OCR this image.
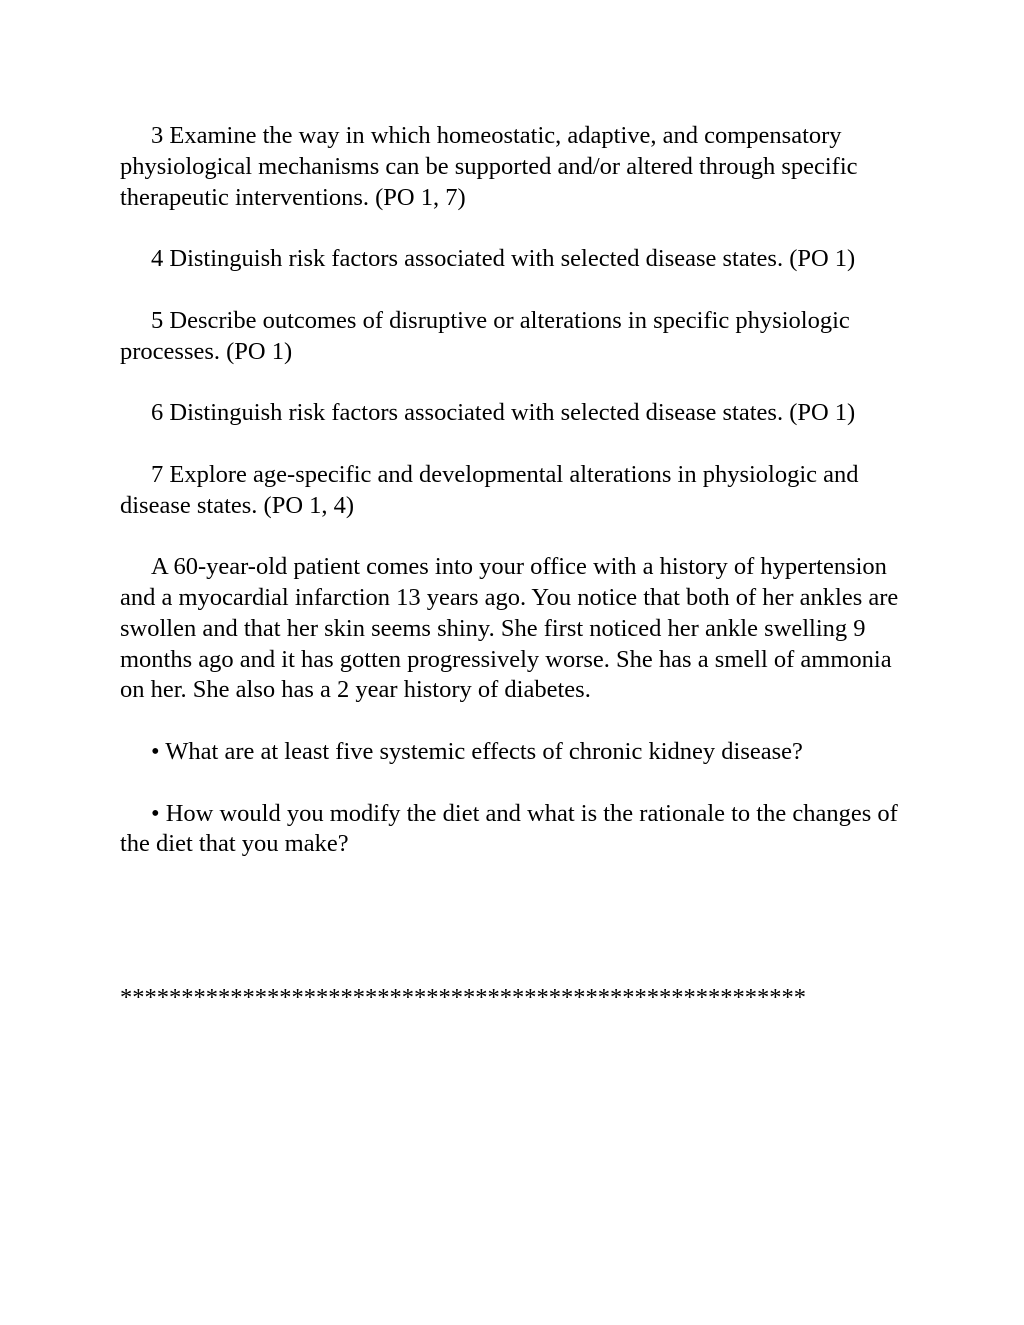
3 Examine the way in which homeostatic, adaptive, and compensatory physiological mechanisms can be supported and/or altered through specific therapeutic interventions. (PO 1, 7)

4 Distinguish risk factors associated with selected disease states. (PO 1)

5 Describe outcomes of disruptive or alterations in specific physiologic processes. (PO 1)

6 Distinguish risk factors associated with selected disease states. (PO 1)

7 Explore age-specific and developmental alterations in physiologic and disease states. (PO 1, 4)

A 60-year-old patient comes into your office with a history of hypertension and a myocardial infarction 13 years ago. You notice that both of her ankles are swollen and that her skin seems shiny. She first noticed her ankle swelling 9 months ago and it has gotten progressively worse. She has a smell of ammonia on her. She also has a 2 year history of diabetes.

• What are at least five systemic effects of chronic kidney disease?

• How would you modify the diet and what is the rationale to the changes of the diet that you make?

********************************************************
